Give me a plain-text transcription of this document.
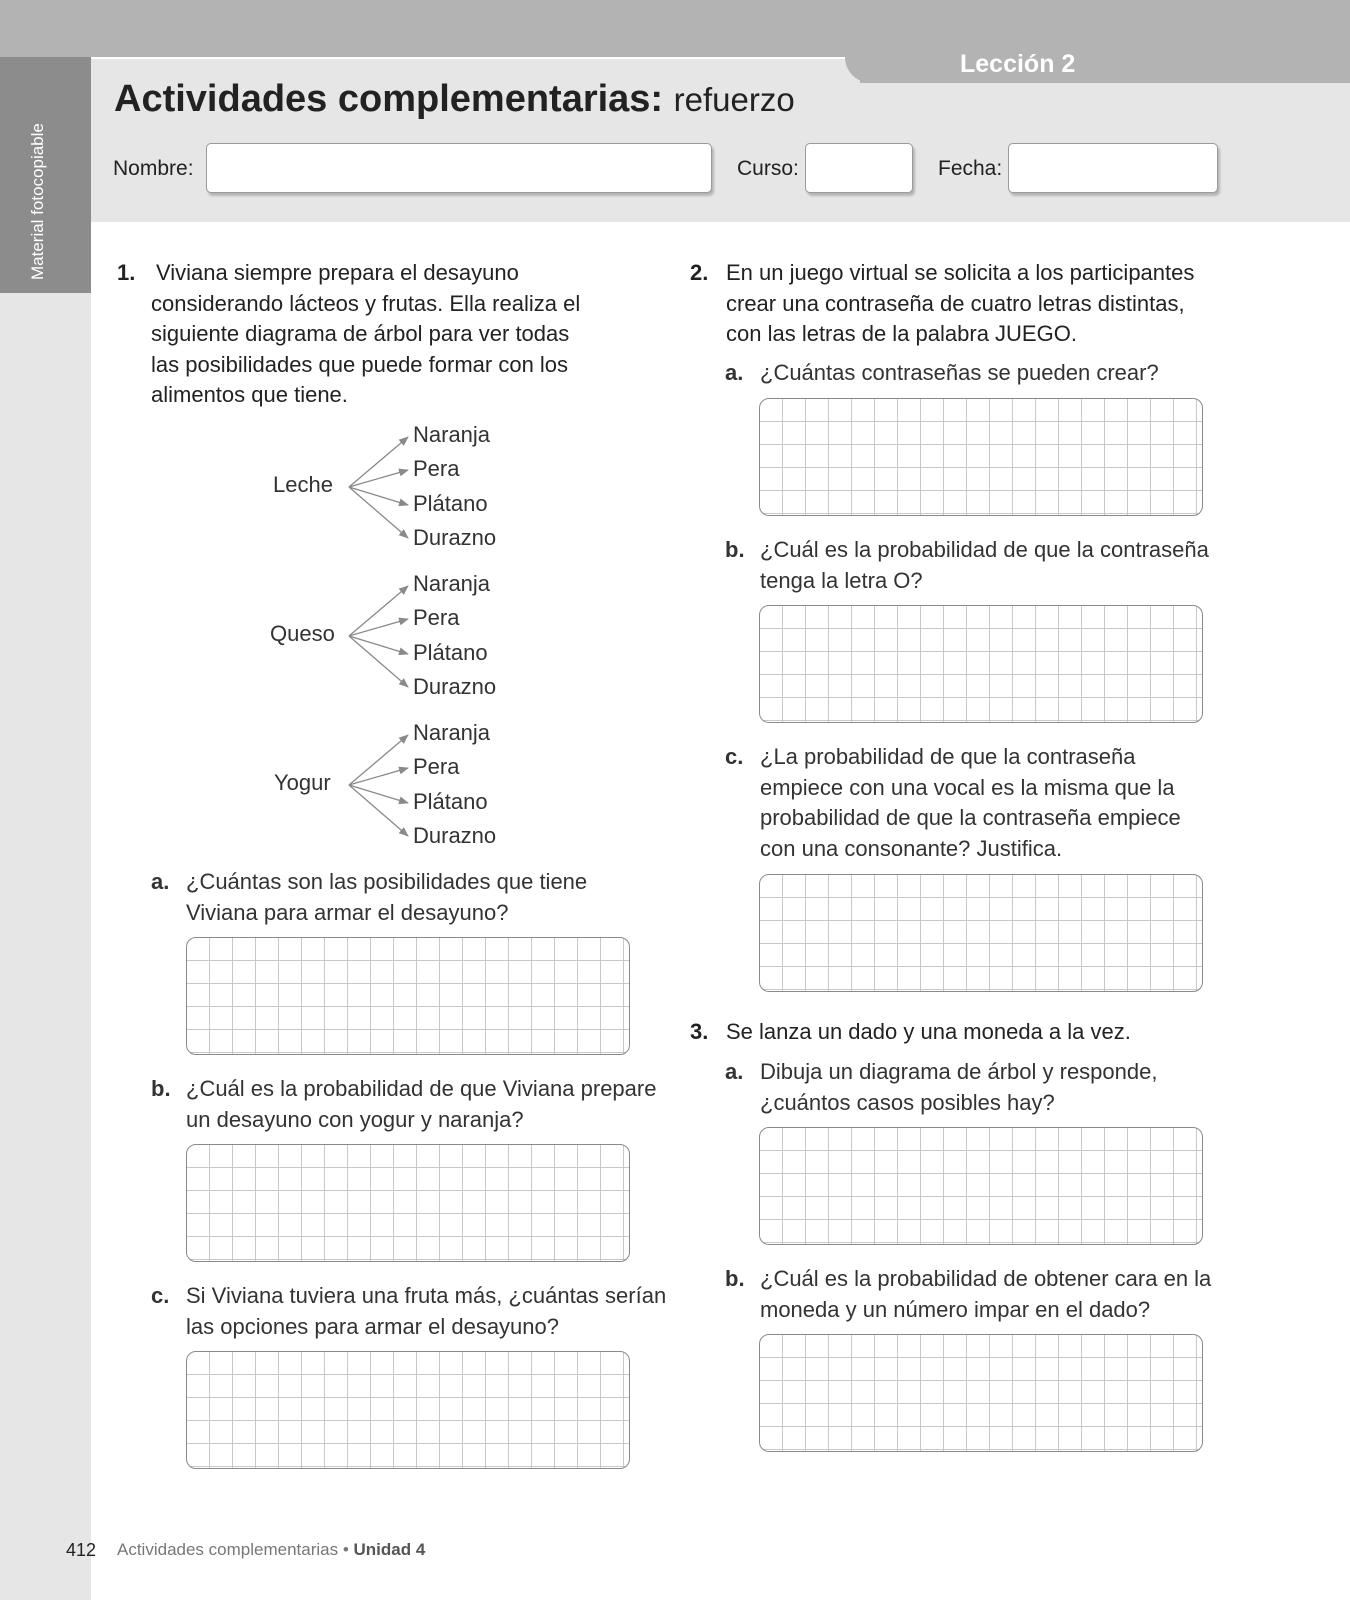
Lección 2
Material fotocopiable
Actividades complementarias: refuerzo
Nombre:	Curso:	Fecha:
1. Viviana siempre prepara el desayuno
considerando lácteos y frutas. Ella realiza el
siguiente diagrama de árbol para ver todas
las posibilidades que puede formar con los
alimentos que tiene.
Leche
Queso
Yogur
Naranja
Pera
Plátano
Durazno
Naranja
Pera
Plátano
Durazno
Naranja
Pera
Plátano
Durazno
a. ¿Cuántas son las posibilidades que tiene
Viviana para armar el desayuno?
b. ¿Cuál es la probabilidad de que Viviana prepare
un desayuno con yogur y naranja?
c. Si Viviana tuviera una fruta más, ¿cuántas serían
las opciones para armar el desayuno?
2. En un juego virtual se solicita a los participantes
crear una contraseña de cuatro letras distintas,
con las letras de la palabra JUEGO.
a. ¿Cuántas contraseñas se pueden crear?
b. ¿Cuál es la probabilidad de que la contraseña
tenga la letra O?
c. ¿La probabilidad de que la contraseña
empiece con una vocal es la misma que la
probabilidad de que la contraseña empiece
con una consonante? Justifica.
3. Se lanza un dado y una moneda a la vez.
a. Dibuja un diagrama de árbol y responde,
¿cuántos casos posibles hay?
b. ¿Cuál es la probabilidad de obtener cara en la
moneda y un número impar en el dado?
412 Actividades complementarias • Unidad 4
